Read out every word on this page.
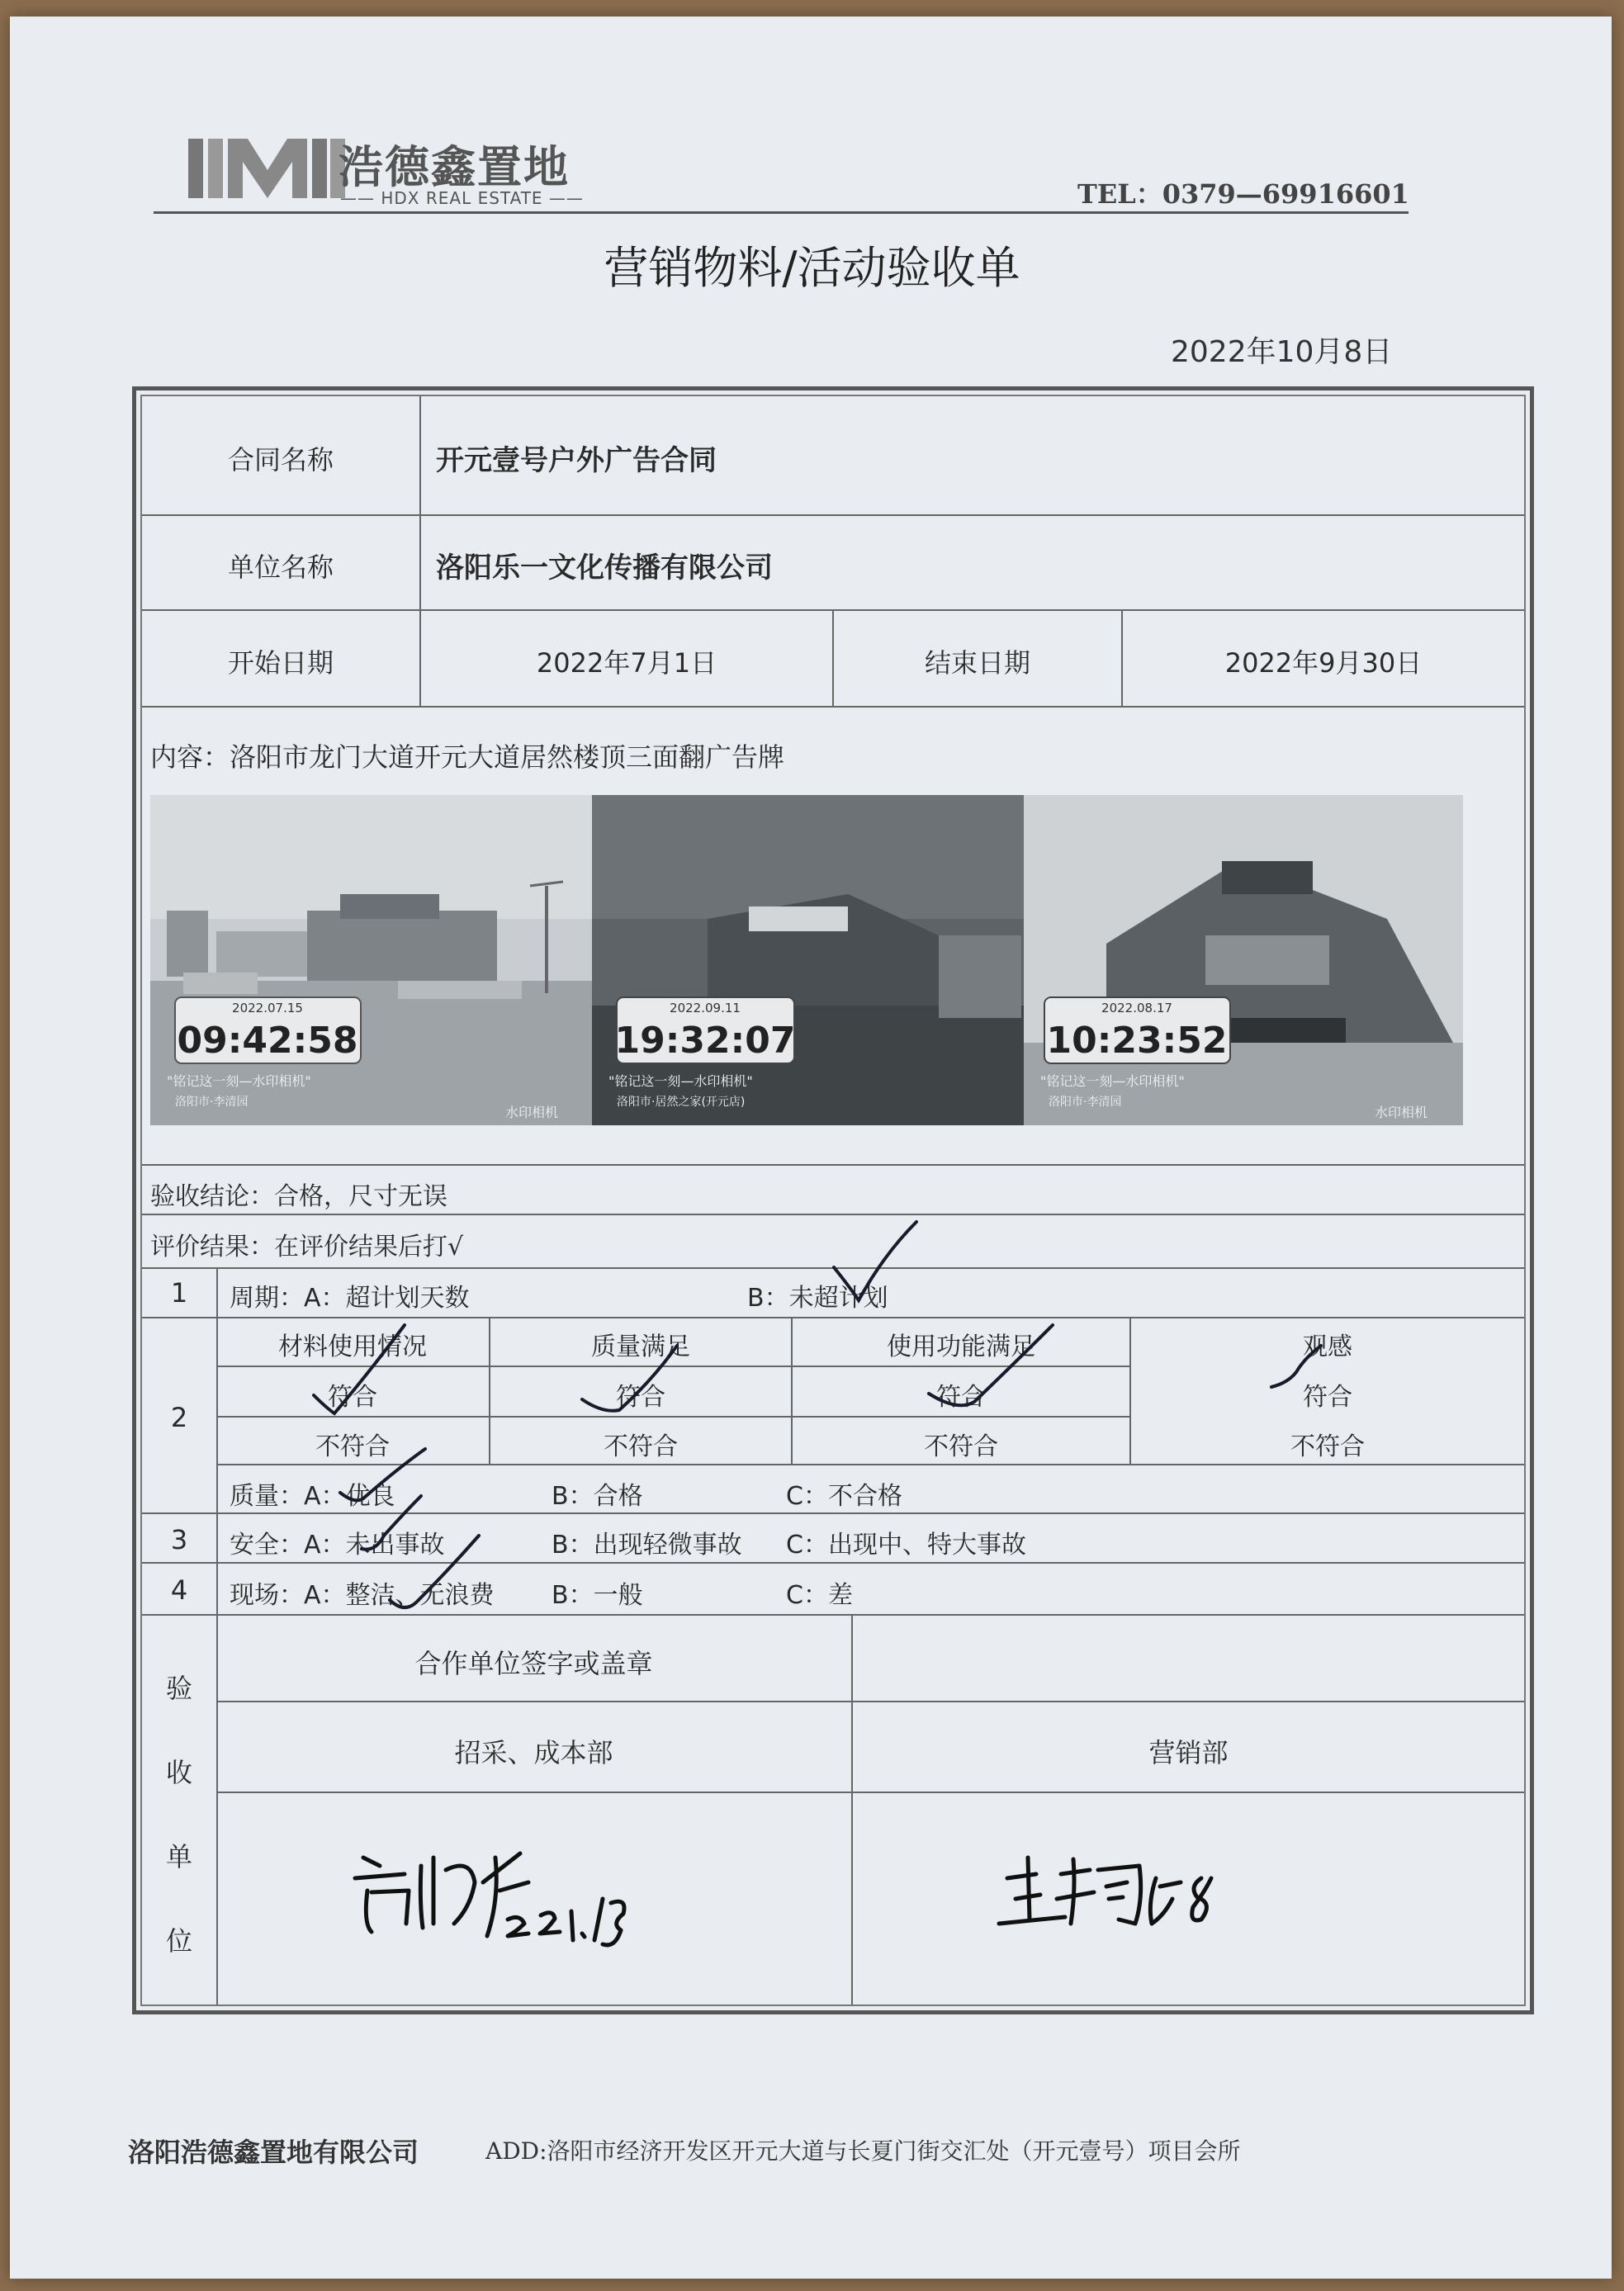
浩德鑫置地
—— HDX REAL ESTATE ——	TEL：0379—69916601
营销物料/活动验收单
2022年10月8日
合同名称	开元壹号户外广告合同
单位名称	洛阳乐一文化传播有限公司
开始日期	2022年7月1日	结束日期	2022年9月30日
内容：洛阳市龙门大道开元大道居然楼顶三面翻广告牌
2022.07.15
09:42:58
"铭记这一刻—水印相机"
洛阳市·李清园
水印相机
2022.09.11
19:32:07
"铭记这一刻—水印相机"
洛阳市·居然之家(开元店)
2022.08.17
10:23:52
"铭记这一刻—水印相机"
洛阳市·李清园
水印相机
验收结论：合格，尺寸无误
评价结果：在评价结果后打√
1	周期：A：超计划天数	B：未超计划
2
材料使用情况	质量满足	使用功能满足	观感
符合	符合	符合	符合
不符合	不符合	不符合	不符合
质量：A：优良	B：合格	C：不合格
3	安全：A：未出事故	B：出现轻微事故 C：出现中、特大事故
4	现场：A：整洁、无浪费 B：一般	C：差
验
收
单
位
合作单位签字或盖章
招采、成本部	营销部
洛阳浩德鑫置地有限公司	ADD:洛阳市经济开发区开元大道与长夏门街交汇处（开元壹号）项目会所
